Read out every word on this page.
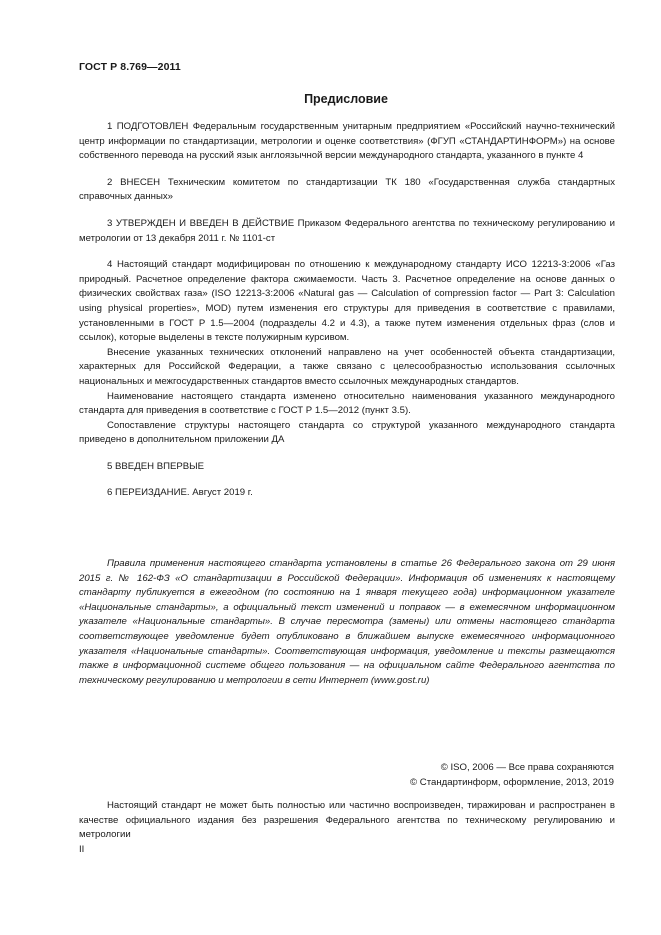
ГОСТ Р 8.769—2011
Предисловие

1 ПОДГОТОВЛЕН Федеральным государственным унитарным предприятием «Российский научно-технический центр информации по стандартизации, метрологии и оценке соответствия» (ФГУП «СТАНДАРТИНФОРМ») на основе собственного перевода на русский язык англоязычной версии международного стандарта, указанного в пункте 4

2 ВНЕСЕН Техническим комитетом по стандартизации ТК 180 «Государственная служба стандартных справочных данных»

3 УТВЕРЖДЕН И ВВЕДЕН В ДЕЙСТВИЕ Приказом Федерального агентства по техническому регулированию и метрологии от 13 декабря 2011 г. № 1101-ст

4 Настоящий стандарт модифицирован по отношению к международному стандарту ИСО 12213-3:2006 «Газ природный. Расчетное определение фактора сжимаемости. Часть 3. Расчетное определение на основе данных о физических свойствах газа» (ISO 12213-3:2006 «Natural gas — Calculation of compression factor — Part 3: Calculation using physical properties», MOD) путем изменения его структуры для приведения в соответствие с правилами, установленными в ГОСТ Р 1.5—2004 (подразделы 4.2 и 4.3), а также путем изменения отдельных фраз (слов и ссылок), которые выделены в тексте полужирным курсивом.

Внесение указанных технических отклонений направлено на учет особенностей объекта стандартизации, характерных для Российской Федерации, а также связано с целесообразностью использования ссылочных национальных и межгосударственных стандартов вместо ссылочных международных стандартов.

Наименование настоящего стандарта изменено относительно наименования указанного международного стандарта для приведения в соответствие с ГОСТ Р 1.5—2012 (пункт 3.5).

Сопоставление структуры настоящего стандарта со структурой указанного международного стандарта приведено в дополнительном приложении ДА

5 ВВЕДЕН ВПЕРВЫЕ

6 ПЕРЕИЗДАНИЕ. Август 2019 г.

Правила применения настоящего стандарта установлены в статье 26 Федерального закона от 29 июня 2015 г. № 162-ФЗ «О стандартизации в Российской Федерации». Информация об изменениях к настоящему стандарту публикуется в ежегодном (по состоянию на 1 января текущего года) информационном указателе «Национальные стандарты», а официальный текст изменений и поправок — в ежемесячном информационном указателе «Национальные стандарты». В случае пересмотра (замены) или отмены настоящего стандарта соответствующее уведомление будет опубликовано в ближайшем выпуске ежемесячного информационного указателя «Национальные стандарты». Соответствующая информация, уведомление и тексты размещаются также в информационной системе общего пользования — на официальном сайте Федерального агентства по техническому регулированию и метрологии в сети Интернет (www.gost.ru)

© ISO, 2006 — Все права сохраняются
© Стандартинформ, оформление, 2013, 2019

Настоящий стандарт не может быть полностью или частично воспроизведен, тиражирован и распространен в качестве официального издания без разрешения Федерального агентства по техническому регулированию и метрологии

II
